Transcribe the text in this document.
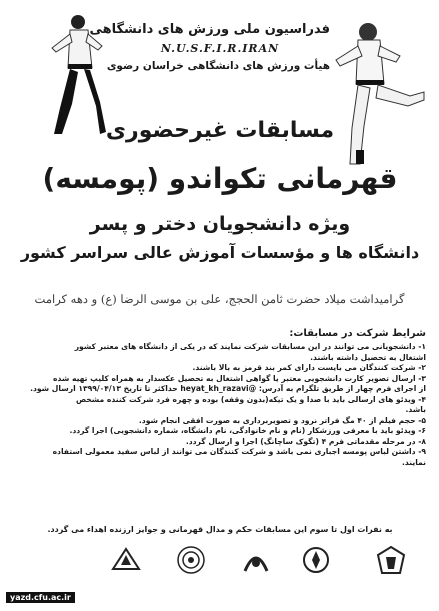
فدراسیون ملی ورزش های دانشگاهی
N.U.S.F.I.R.IRAN
هیأت ورزش های دانشگاهی خراسان رضوی
مسابقات غیرحضوری
قهرمانی تکواندو (پومسه)
ویژه دانشجویان دختر و پسر
دانشگاه ها و مؤسسات آموزش عالی سراسر کشور
گرامیداشت میلاد حضرت ثامن الحجج، علی بن موسی الرضا (ع) و دهه کرامت
شرایط شرکت در مسابقات:
۱- دانشجویانی می توانند در این مسابقات شرکت نمایند که در یکی از دانشگاه های معتبر کشور
اشتغال به تحصیل داشته باشند.
۲- شرکت کنندگان می بایست دارای کمر بند قرمز به بالا باشند.
۳- ارسال تصویر کارت دانشجویی معتبر یا گواهی اشتغال به تحصیل عکسدار به همراه کلیپ تهیه شده
از اجرای فرم چهار از طریق تلگرام به آدرس: @heyat_kh_razavi حداکثر تا تاریخ ۱۳۹۹/۰۴/۱۳ ارسال شود.
۴- ویدئو های ارسالی باید با صدا و یک تیکه(بدون وقفه) بوده و چهره فرد شرکت کننده مشخص
باشد.
۵- حجم فیلم از ۴۰ مگ فراتر نرود و تصویربرداری به صورت افقی انجام شود.
۶- ویدئو باید با معرفی ورزشکار (نام و نام خانوادگی، نام دانشگاه، شماره دانشجویی) اجرا گردد.
۸- در مرحله مقدماتی فرم ۴ (تگوک ساچانگ) اجرا و ارسال گردد.
۹- داشتن لباس پومسه اجباری نمی باشد و شرکت کنندگان می توانند از لباس سفید معمولی استفاده
نمایند.
به نفرات اول تا سوم این مسابقات حکم و مدال قهرمانی و جوایز ارزنده اهداء می گردد.
yazd.cfu.ac.ir
